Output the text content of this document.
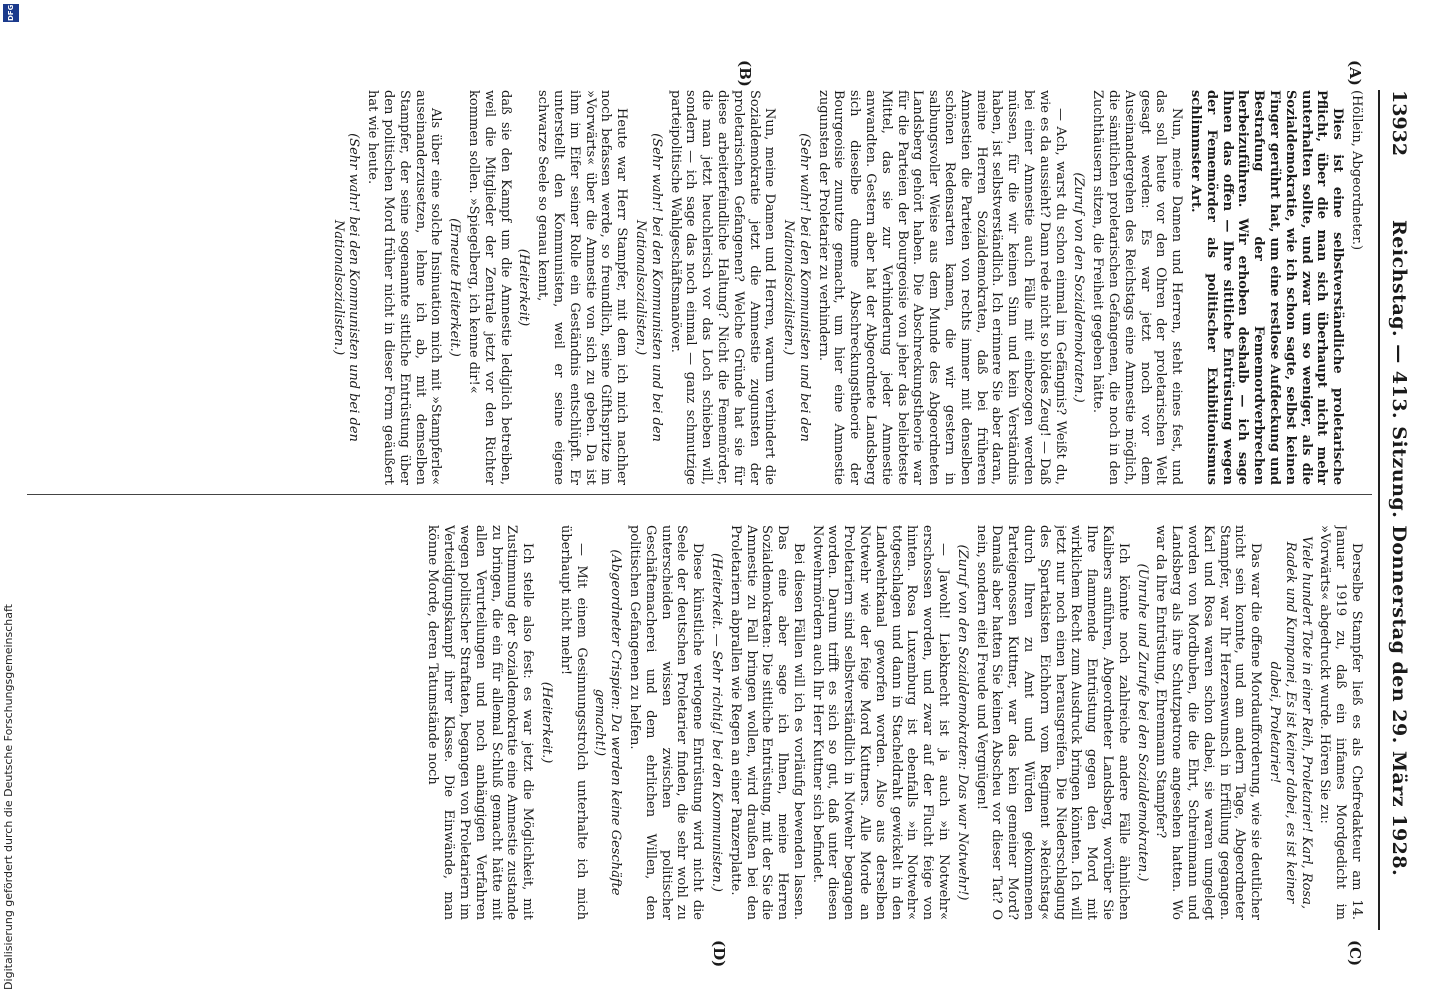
13932
Reichstag. — 413. Sitzung. Donnerstag den 29. März 1928.
(A)
(B)
(C)
(D)

(Höllein, Abgeordneter.)

Dies ist eine selbstverständliche proletarische Pflicht, über die man sich überhaupt nicht mehr unterhalten sollte, und zwar um so weniger, als die Sozialdemokratie, wie ich schon sagte, selbst keinen Finger gerührt hat, um eine restlose Aufdeckung und Bestrafung der Fememordverbrechen herbeizuführen. Wir erhoben deshalb — ich sage Ihnen das offen — Ihre sittliche Entrüstung wegen der Fememörder als politischer Exhibitionismus schlimmster Art.

Nun, meine Damen und Herren, steht eines fest, und das soll heute vor den Ohren der proletarischen Welt gesagt werden: Es war jetzt noch vor dem Auseinandergehen des Reichstags eine Amnestie möglich, die sämtlichen proletarischen Gefangenen, die noch in den Zuchthäusern sitzen, die Freiheit gegeben hätte.

(Zuruf von den Sozialdemokraten.)

— Ach, warst du schon einmal im Gefängnis? Weißt du, wie es da aussieht? Dann rede nicht so blödes Zeug! — Daß bei einer Amnestie auch Fälle mit einbezogen werden müssen, für die wir keinen Sinn und kein Verständnis haben, ist selbstverständlich. Ich erinnere Sie aber daran, meine Herren Sozialdemokraten, daß bei früheren Amnestien die Parteien von rechts immer mit denselben schönen Redensarten kamen, die wir gestern in salbungsvoller Weise aus dem Munde des Abgeordneten Landsberg gehört haben. Die Abschreckungstheorie war für die Parteien der Bourgeoisie von jeher das beliebteste Mittel, das sie zur Verhinderung jeder Amnestie anwandten. Gestern aber hat der Abgeordnete Landsberg sich dieselbe dumme Abschreckungstheorie der Bourgeoisie zunutze gemacht, um hier eine Amnestie zugunsten der Proletarier zu verhindern.

(Sehr wahr! bei den Kommunisten und bei den Nationalsozialisten.)

Nun, meine Damen und Herren, warum verhindert die Sozialdemokratie jetzt die Amnestie zugunsten der proletarischen Gefangenen? Welche Gründe hat sie für diese arbeiterfeindliche Haltung? Nicht die Fememörder, die man jetzt heuchlerisch vor das Loch schieben will, sondern — ich sage das noch einmal — ganz schmutzige parteipolitische Wahlgeschäftsmanöver.

(Sehr wahr! bei den Kommunisten und bei den Nationalsozialisten.)

Heute war Herr Stampfer, mit dem ich mich nachher noch befassen werde, so freundlich, seine Gifthspritze im »Vorwärts« über die Amnestie von sich zu geben. Da ist ihm im Eifer seiner Rolle ein Geständnis entschlüpft. Er unterstellt den Kommunisten, weil er seine eigene schwarze Seele so genau kennt,

(Heiterkeit)

daß sie den Kampf um die Amnestie lediglich betreiben, weil die Mitglieder der Zentrale jetzt vor den Richter kommen sollen. »Spiegelberg, ich kenne dir!«

(Erneute Heiterkeit.)

Als über eine solche Insinuation mich mit »Stampferle« auseinanderzusetzen, lehne ich ab, mit demselben Stampfer, der seine sogenannte sittliche Entrüstung über den politischen Mord früher nicht in dieser Form geäußert hat wie heute.

(Sehr wahr! bei den Kommunisten und bei den Nationalsozialisten.)

Derselbe Stampfer ließ es als Chefredakteur am 14. Januar 1919 zu, daß ein infames Mordgedicht im »Vorwärts« abgedruckt wurde. Hören Sie zu:

Viele hundert Tote in einer Reih, Proletarier! Karl, Rosa, Radek und Kumpanei, Es ist keiner dabei, es ist keiner dabei, Proletarier!

Das war die offene Mordaufforderung, wie sie deutlicher nicht sein konnte, und am andern Tage, Abgeordneter Stampfer, war Ihr Herzenswunsch in Erfüllung gegangen. Karl und Rosa waren schon dabei, sie waren umgelegt worden von Mordbuben, die die Ehrt, Schreinmann und Landsberg als ihre Schutzpatrone angesehen hatten. Wo war da Ihre Entrüstung, Ehrenmann Stampfer?

(Unruhe und Zurufe bei den Sozialdemokraten.)

Ich könnte noch zahlreiche andere Fälle ähnlichen Kalibers anführen, Abgeordneter Landsberg, worüber Sie Ihre flammende Entrüstung gegen den Mord mit wirklichem Recht zum Ausdruck bringen könnten. Ich will jetzt nur noch einen herausgreifen. Die Niederschlagung des Spartakisten Eichhorn vom Regiment »Reichstag« durch Ihren zu Amt und Würden gekommenen Parteigenossen Kuttner, war das kein gemeiner Mord? Damals aber hatten Sie keinen Abscheu vor dieser Tat? O nein, sondern eitel Freude und Vergnügen!

(Zuruf von den Sozialdemokraten: Das war Notwehr!)

— Jawohl! Liebknecht ist ja auch »in Notwehr« erschossen worden, und zwar auf der Flucht feige von hinten. Rosa Luxemburg ist ebenfalls »in Notwehr« totgeschlagen und dann in Stacheldraht gewickelt in den Landwehrkanal geworfen worden. Also aus derselben Notwehr wie der feige Mord Kuttners. Alle Morde an Proletariern sind selbstverständlich in Notwehr begangen worden. Darum trifft es sich so gut, daß unter diesen Notwehrmördern auch Ihr Herr Kuttner sich befindet.

Bei diesen Fällen will ich es vorläufig bewenden lassen. Das eine aber sage ich Ihnen, meine Herren Sozialdemokraten: Die sittliche Entrüstung, mit der Sie die Amnestie zu Fall bringen wollen, wird draußen bei den Proletariern abprallen wie Regen an einer Panzerplatte.

(Heiterkeit. — Sehr richtig! bei den Kommunisten.)

Diese künstliche verlogene Entrüstung wird nicht die Seele der deutschen Proletarier finden, die sehr wohl zu unterscheiden wissen zwischen politischer Geschäftemacherei und dem ehrlichen Willen, den politischen Gefangenen zu helfen.

(Abgeordneter Crispien: Da werden keine Geschäfte gemacht!)

— Mit einem Gesinnungsstrolch unterhalte ich mich überhaupt nicht mehr!

(Heiterkeit.)

Ich stelle also fest: es war jetzt die Möglichkeit, mit Zustimmung der Sozialdemokratie eine Amnestie zustande zu bringen, die ein für allemal Schluß gemacht hätte mit allen Verurteilungen und noch anhängigen Verfahren wegen politischer Straftaten, begangen von Proletariern im Verteidigungskampf ihrer Klasse. Die Einwände, man könne Morde, deren Tatumstände noch

Digitalisierung gefördert durch die Deutsche Forschungsgemeinschaft
DFG
